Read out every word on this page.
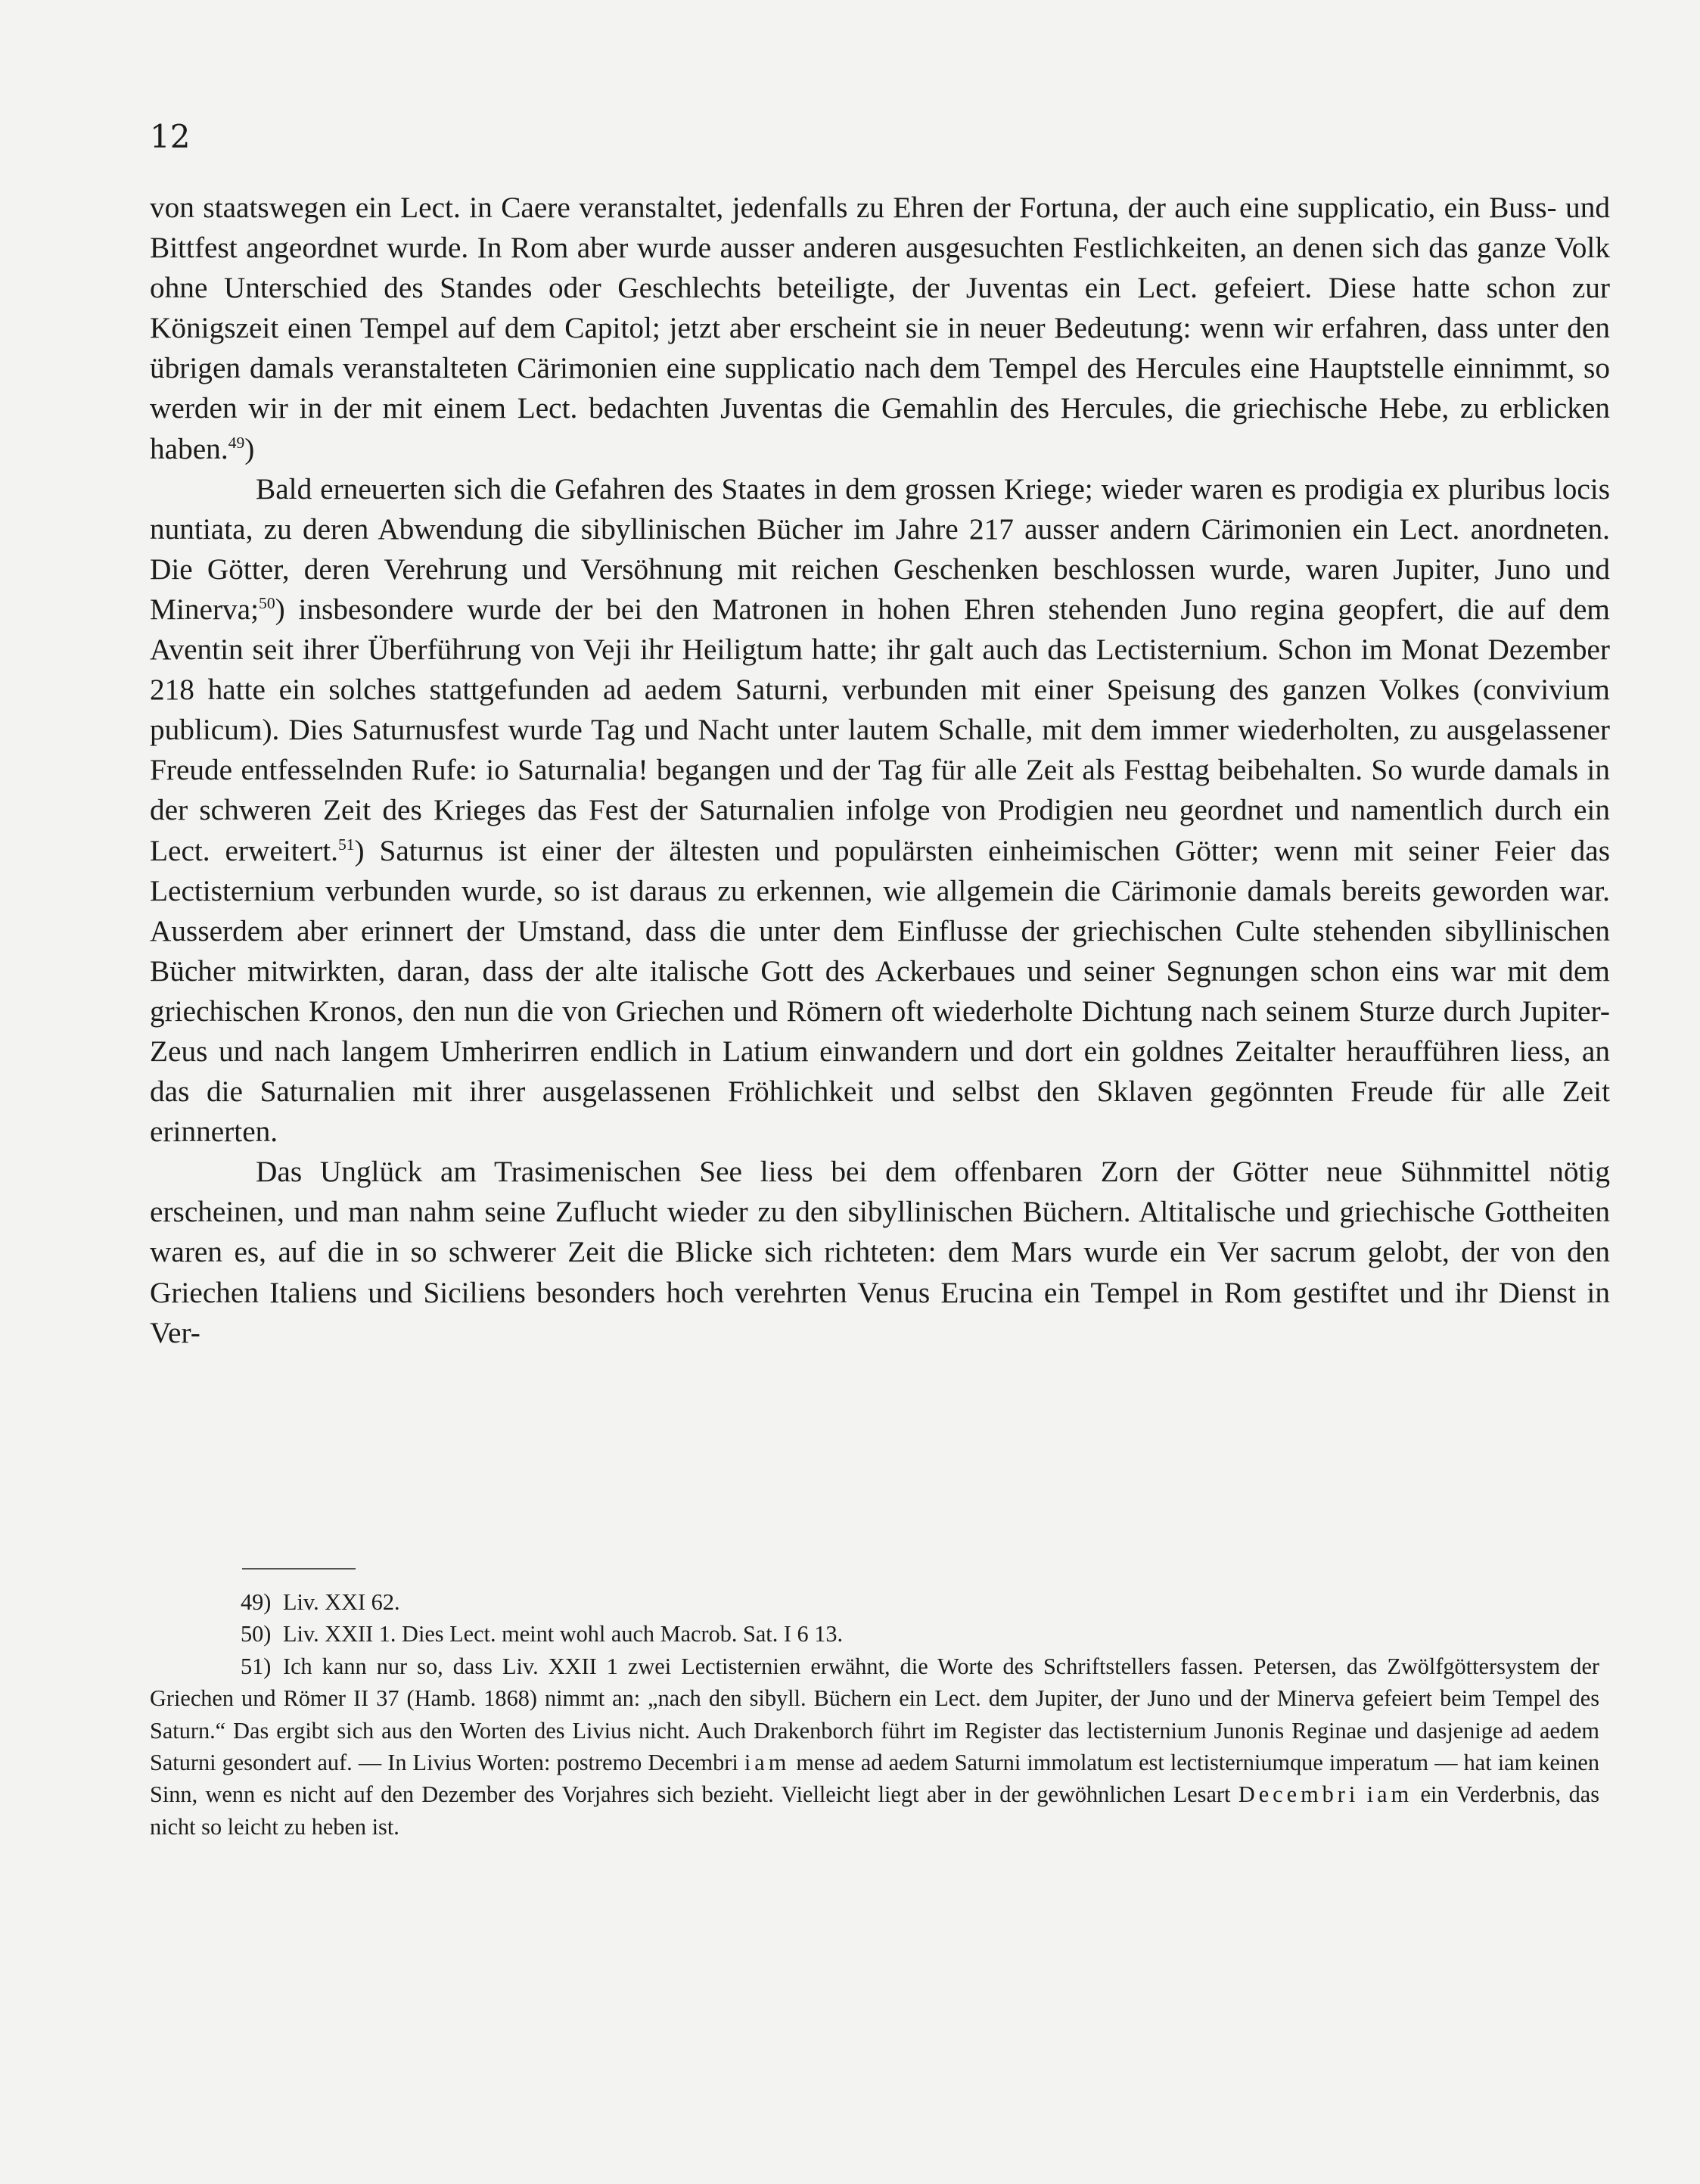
12

von staatswegen ein Lect. in Caere veranstaltet, jedenfalls zu Ehren der Fortuna, der auch eine supplicatio, ein Buss- und Bittfest angeordnet wurde. In Rom aber wurde ausser anderen ausgesuchten Festlichkeiten, an denen sich das ganze Volk ohne Unterschied des Standes oder Geschlechts beteiligte, der Juventas ein Lect. gefeiert. Diese hatte schon zur Königszeit einen Tempel auf dem Capitol; jetzt aber erscheint sie in neuer Bedeutung: wenn wir erfahren, dass unter den übrigen damals veranstalteten Cärimonien eine supplicatio nach dem Tempel des Hercules eine Hauptstelle einnimmt, so werden wir in der mit einem Lect. bedachten Juventas die Gemahlin des Hercules, die griechische Hebe, zu erblicken haben.$^{49}$)

Bald erneuerten sich die Gefahren des Staates in dem grossen Kriege; wieder waren es prodigia ex pluribus locis nuntiata, zu deren Abwendung die sibyllinischen Bücher im Jahre 217 ausser andern Cärimonien ein Lect. anordneten. Die Götter, deren Verehrung und Versöhnung mit reichen Geschenken beschlossen wurde, waren Jupiter, Juno und Minerva;$^{50}$) insbesondere wurde der bei den Matronen in hohen Ehren stehenden Juno regina geopfert, die auf dem Aventin seit ihrer Überführung von Veji ihr Heiligtum hatte; ihr galt auch das Lectisternium. Schon im Monat Dezember 218 hatte ein solches stattgefunden ad aedem Saturni, verbunden mit einer Speisung des ganzen Volkes (convivium publicum). Dies Saturnusfest wurde Tag und Nacht unter lautem Schalle, mit dem immer wiederholten, zu ausgelassener Freude entfesselnden Rufe: io Saturnalia! begangen und der Tag für alle Zeit als Festtag beibehalten. So wurde damals in der schweren Zeit des Krieges das Fest der Saturnalien infolge von Prodigien neu geordnet und namentlich durch ein Lect. erweitert.$^{51}$) Saturnus ist einer der ältesten und populärsten einheimischen Götter; wenn mit seiner Feier das Lectisternium verbunden wurde, so ist daraus zu erkennen, wie allgemein die Cärimonie damals bereits geworden war. Ausserdem aber erinnert der Umstand, dass die unter dem Einflusse der griechischen Culte stehenden sibyllinischen Bücher mitwirkten, daran, dass der alte italische Gott des Ackerbaues und seiner Segnungen schon eins war mit dem griechischen Kronos, den nun die von Griechen und Römern oft wiederholte Dichtung nach seinem Sturze durch Jupiter-Zeus und nach langem Umherirren endlich in Latium einwandern und dort ein goldnes Zeitalter heraufführen liess, an das die Saturnalien mit ihrer ausgelassenen Fröhlichkeit und selbst den Sklaven gegönnten Freude für alle Zeit erinnerten.

Das Unglück am Trasimenischen See liess bei dem offenbaren Zorn der Götter neue Sühnmittel nötig erscheinen, und man nahm seine Zuflucht wieder zu den sibyllinischen Büchern. Altitalische und griechische Gottheiten waren es, auf die in so schwerer Zeit die Blicke sich richteten: dem Mars wurde ein Ver sacrum gelobt, der von den Griechen Italiens und Siciliens besonders hoch verehrten Venus Erucina ein Tempel in Rom gestiftet und ihr Dienst in Ver-

49) Liv. XXI 62.

50) Liv. XXII 1. Dies Lect. meint wohl auch Macrob. Sat. I 6 13.

51) Ich kann nur so, dass Liv. XXII 1 zwei Lectisternien erwähnt, die Worte des Schriftstellers fassen. Petersen, das Zwölfgöttersystem der Griechen und Römer II 37 (Hamb. 1868) nimmt an: „nach den sibyll. Büchern ein Lect. dem Jupiter, der Juno und der Minerva gefeiert beim Tempel des Saturn.“ Das ergibt sich aus den Worten des Livius nicht. Auch Drakenborch führt im Register das lectisternium Junonis Reginae und dasjenige ad aedem Saturni gesondert auf. — In Livius Worten: postremo Decembri iam mense ad aedem Saturni immolatum est lectisterniumque imperatum — hat iam keinen Sinn, wenn es nicht auf den Dezember des Vorjahres sich bezieht. Vielleicht liegt aber in der gewöhnlichen Lesart Decembri iam ein Verderbnis, das nicht so leicht zu heben ist.
